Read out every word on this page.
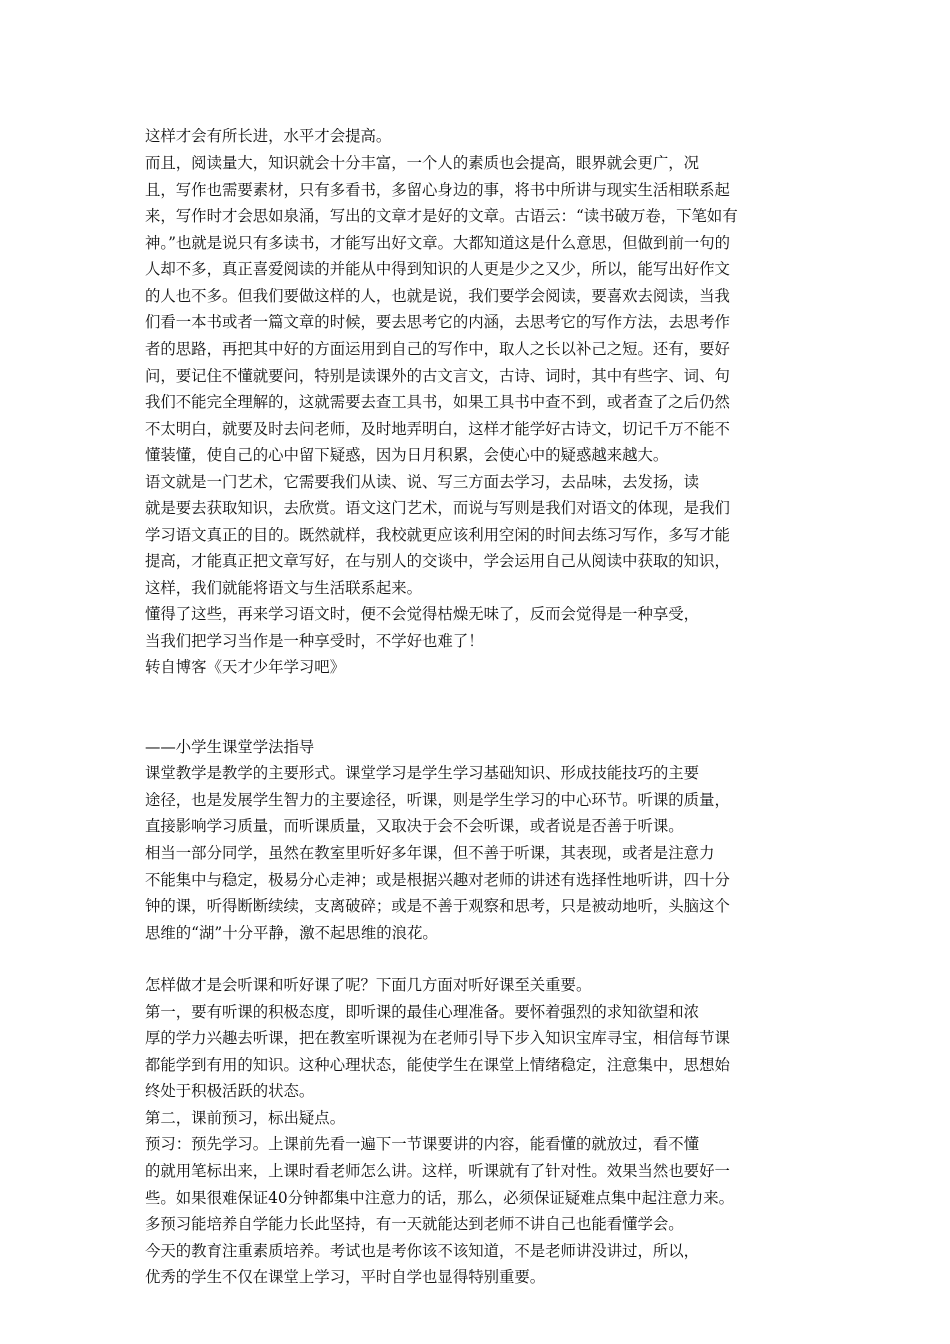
这样才会有所长进，水平才会提高。
而且，阅读量大，知识就会十分丰富，一个人的素质也会提高，眼界就会更广，况
且，写作也需要素材，只有多看书，多留心身边的事，将书中所讲与现实生活相联系起
来，写作时才会思如泉涌，写出的文章才是好的文章。古语云：“读书破万卷，下笔如有
神。”也就是说只有多读书，才能写出好文章。大都知道这是什么意思，但做到前一句的
人却不多，真正喜爱阅读的并能从中得到知识的人更是少之又少，所以，能写出好作文
的人也不多。但我们要做这样的人，也就是说，我们要学会阅读，要喜欢去阅读，当我
们看一本书或者一篇文章的时候，要去思考它的内涵，去思考它的写作方法，去思考作
者的思路，再把其中好的方面运用到自己的写作中，取人之长以补己之短。还有，要好
问，要记住不懂就要问，特别是读课外的古文言文，古诗、词时，其中有些字、词、句
我们不能完全理解的，这就需要去查工具书，如果工具书中查不到，或者查了之后仍然
不太明白，就要及时去问老师，及时地弄明白，这样才能学好古诗文，切记千万不能不
懂装懂，使自己的心中留下疑惑，因为日月积累，会使心中的疑惑越来越大。
语文就是一门艺术，它需要我们从读、说、写三方面去学习，去品味，去发扬，读
就是要去获取知识，去欣赏。语文这门艺术，而说与写则是我们对语文的体现，是我们
学习语文真正的目的。既然就样，我校就更应该利用空闲的时间去练习写作，多写才能
提高，才能真正把文章写好，在与别人的交谈中，学会运用自己从阅读中获取的知识，
这样，我们就能将语文与生活联系起来。
懂得了这些，再来学习语文时，便不会觉得枯燥无味了，反而会觉得是一种享受，
当我们把学习当作是一种享受时，不学好也难了！
转自博客《天才少年学习吧》
——小学生课堂学法指导
课堂教学是教学的主要形式。课堂学习是学生学习基础知识、形成技能技巧的主要
途径，也是发展学生智力的主要途径，听课，则是学生学习的中心环节。听课的质量，
直接影响学习质量，而听课质量，又取决于会不会听课，或者说是否善于听课。
相当一部分同学，虽然在教室里听好多年课，但不善于听课，其表现，或者是注意力
不能集中与稳定，极易分心走神；或是根据兴趣对老师的讲述有选择性地听讲，四十分
钟的课，听得断断续续，支离破碎；或是不善于观察和思考，只是被动地听，头脑这个
思维的“湖”十分平静，激不起思维的浪花。
怎样做才是会听课和听好课了呢？下面几方面对听好课至关重要。
第一，要有听课的积极态度，即听课的最佳心理准备。要怀着强烈的求知欲望和浓
厚的学力兴趣去听课，把在教室听课视为在老师引导下步入知识宝库寻宝，相信每节课
都能学到有用的知识。这种心理状态，能使学生在课堂上情绪稳定，注意集中，思想始
终处于积极活跃的状态。
第二，课前预习，标出疑点。
预习：预先学习。上课前先看一遍下一节课要讲的内容，能看懂的就放过，看不懂
的就用笔标出来，上课时看老师怎么讲。这样，听课就有了针对性。效果当然也要好一
些。如果很难保证40分钟都集中注意力的话，那么，必须保证疑难点集中起注意力来。
多预习能培养自学能力长此坚持，有一天就能达到老师不讲自己也能看懂学会。
今天的教育注重素质培养。考试也是考你该不该知道，不是老师讲没讲过，所以，
优秀的学生不仅在课堂上学习，平时自学也显得特别重要。
